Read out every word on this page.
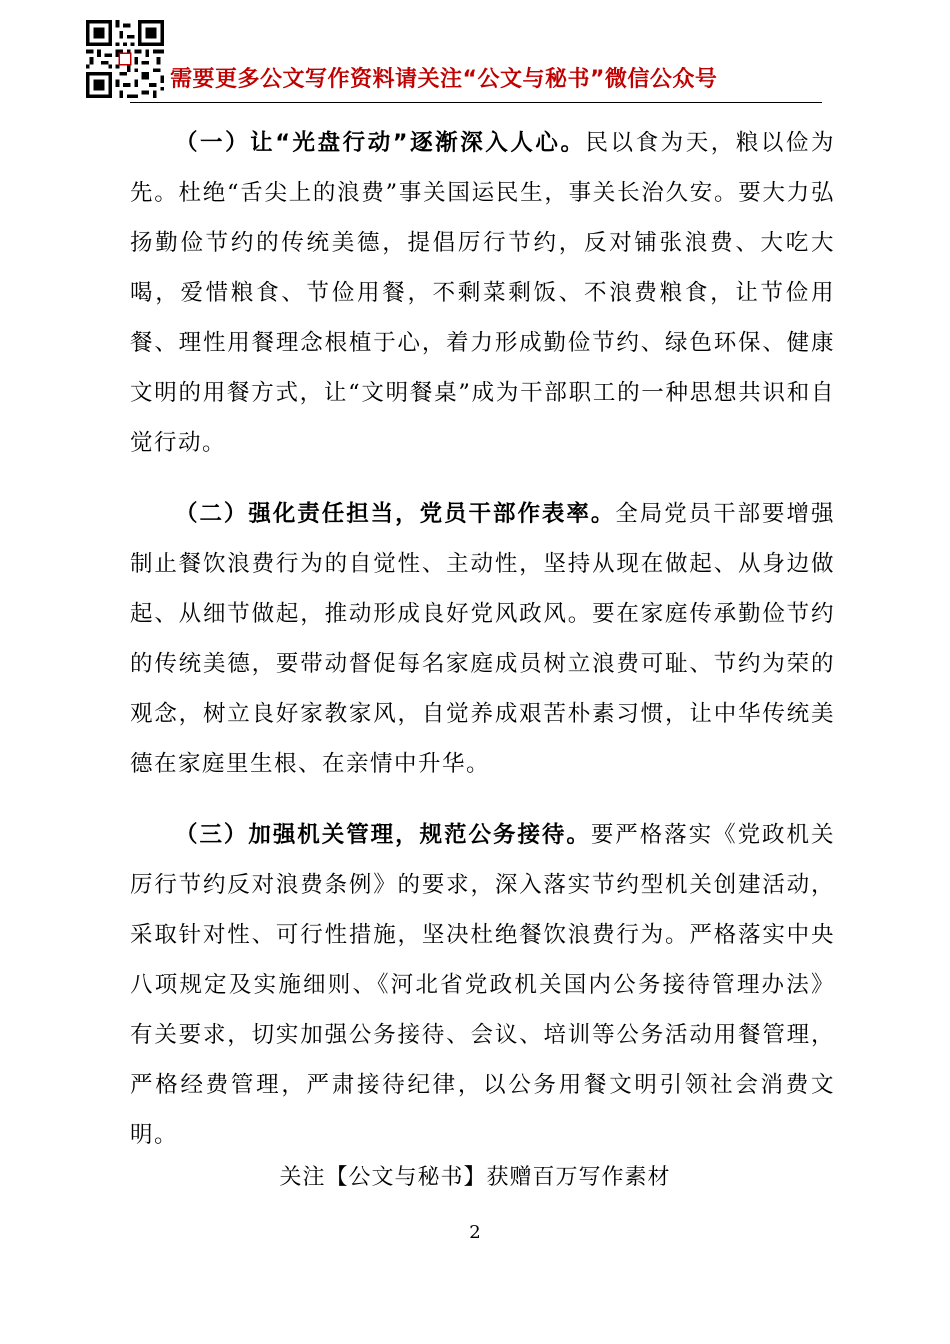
需要更多公文写作资料请关注“公文与秘书”微信公众号
（一）让“光盘行动”逐渐深入人心。民以食为天，粮以俭为先。杜绝“舌尖上的浪费”事关国运民生，事关长治久安。要大力弘扬勤俭节约的传统美德，提倡厉行节约，反对铺张浪费、大吃大喝，爱惜粮食、节俭用餐，不剩菜剩饭、不浪费粮食，让节俭用餐、理性用餐理念根植于心，着力形成勤俭节约、绿色环保、健康文明的用餐方式，让“文明餐桌”成为干部职工的一种思想共识和自觉行动。
（二）强化责任担当，党员干部作表率。全局党员干部要增强制止餐饮浪费行为的自觉性、主动性，坚持从现在做起、从身边做起、从细节做起，推动形成良好党风政风。要在家庭传承勤俭节约的传统美德，要带动督促每名家庭成员树立浪费可耻、节约为荣的观念，树立良好家教家风，自觉养成艰苦朴素习惯，让中华传统美德在家庭里生根、在亲情中升华。
（三）加强机关管理，规范公务接待。要严格落实《党政机关厉行节约反对浪费条例》的要求，深入落实节约型机关创建活动，采取针对性、可行性措施，坚决杜绝餐饮浪费行为。严格落实中央八项规定及实施细则、《河北省党政机关国内公务接待管理办法》有关要求，切实加强公务接待、会议、培训等公务活动用餐管理，严格经费管理，严肃接待纪律，以公务用餐文明引领社会消费文明。
关注【公文与秘书】获赠百万写作素材
2
